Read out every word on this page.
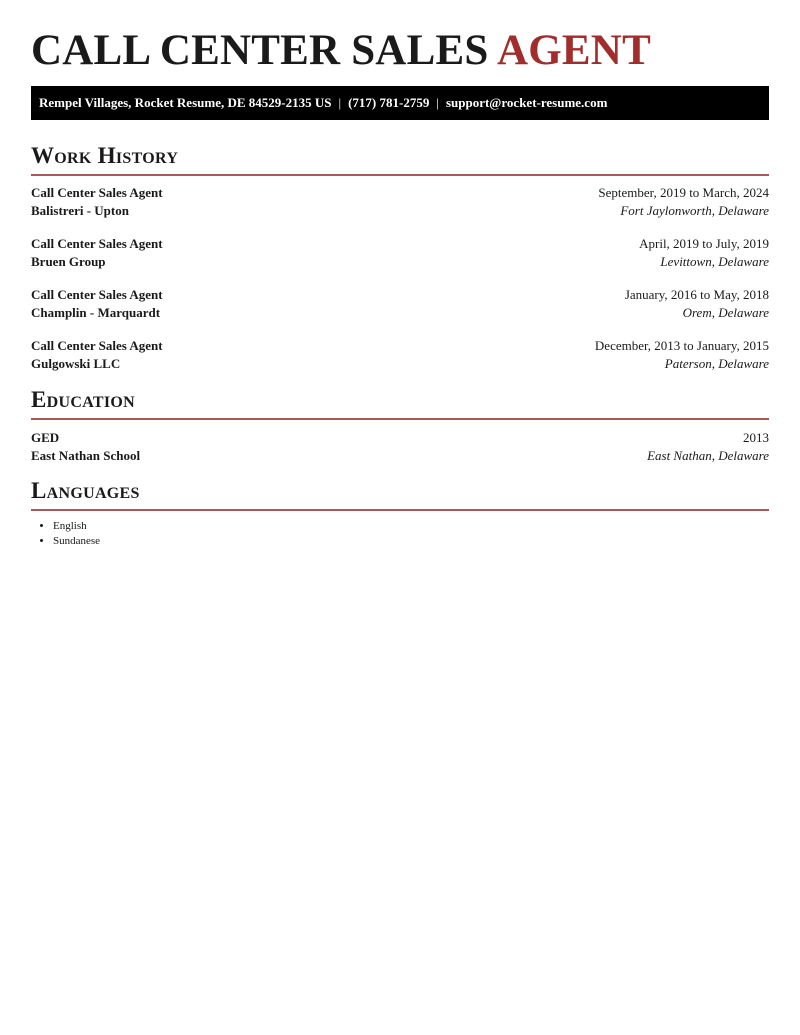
CALL CENTER SALES AGENT
Rempel Villages, Rocket Resume, DE 84529-2135 US | (717) 781-2759 | support@rocket-resume.com
Work History
Call Center Sales Agent	September, 2019 to March, 2024
Balistreri - Upton	Fort Jaylonworth, Delaware
Call Center Sales Agent	April, 2019 to July, 2019
Bruen Group	Levittown, Delaware
Call Center Sales Agent	January, 2016 to May, 2018
Champlin - Marquardt	Orem, Delaware
Call Center Sales Agent	December, 2013 to January, 2015
Gulgowski LLC	Paterson, Delaware
Education
GED	2013
East Nathan School	East Nathan, Delaware
Languages
• English
• Sundanese
